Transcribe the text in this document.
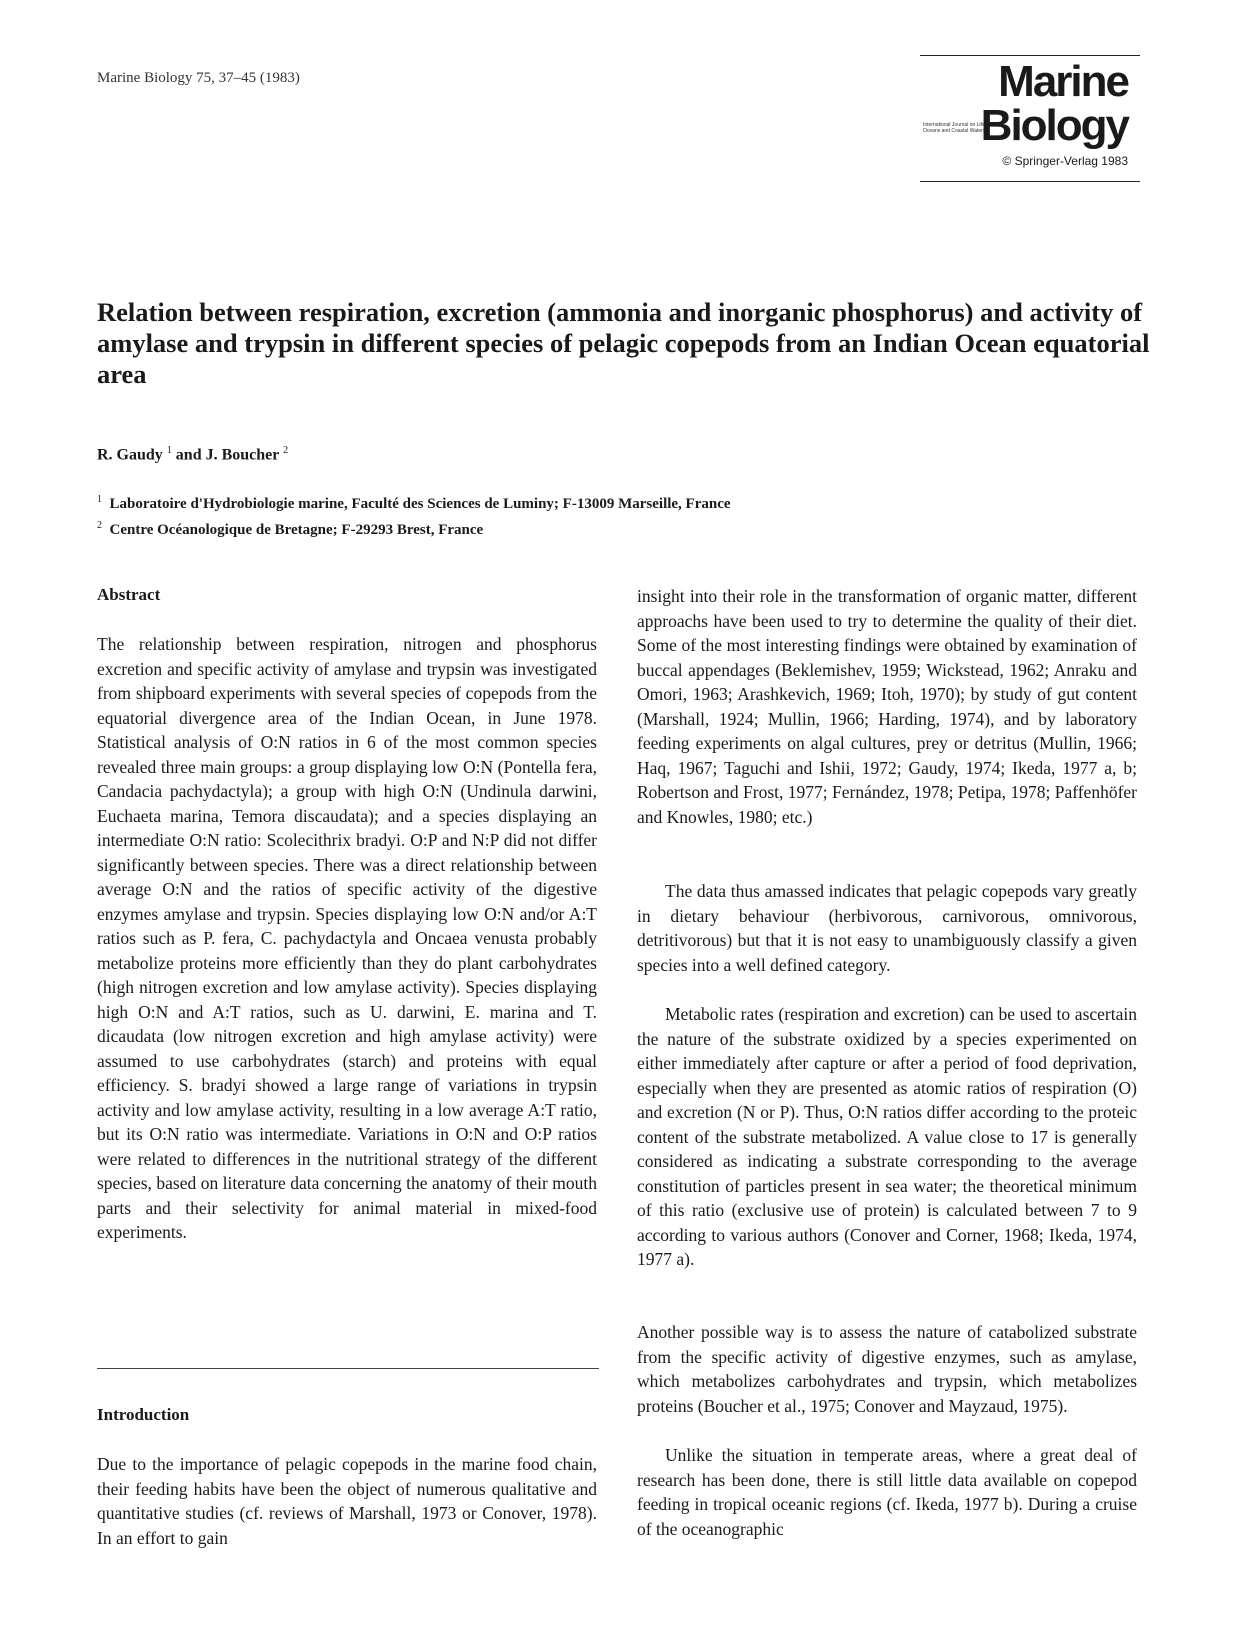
Marine Biology 75, 37–45 (1983)	Marine
International Journal on Life in Oceans and Coastal Waters
Biology
© Springer-Verlag 1983
Relation between respiration, excretion (ammonia and inorganic phosphorus) and activity of amylase and trypsin in different species of pelagic copepods from an Indian Ocean equatorial area
R. Gaudy $^1$ and J. Boucher $^2$
$^1$ Laboratoire d'Hydrobiologie marine, Faculté des Sciences de Luminy; F-13009 Marseille, France
$^2$ Centre Océanologique de Bretagne; F-29293 Brest, France
Abstract

The relationship between respiration, nitrogen and phosphorus excretion and specific activity of amylase and trypsin was investigated from shipboard experiments with several species of copepods from the equatorial divergence area of the Indian Ocean, in June 1978. Statistical analysis of O:N ratios in 6 of the most common species revealed three main groups: a group displaying low O:N (Pontella fera, Candacia pachydactyla); a group with high O:N (Undinula darwini, Euchaeta marina, Temora discaudata); and a species displaying an intermediate O:N ratio: Scolecithrix bradyi. O:P and N:P did not differ significantly between species. There was a direct relationship between average O:N and the ratios of specific activity of the digestive enzymes amylase and trypsin. Species displaying low O:N and/or A:T ratios such as P. fera, C. pachydactyla and Oncaea venusta probably metabolize proteins more efficiently than they do plant carbohydrates (high nitrogen excretion and low amylase activity). Species displaying high O:N and A:T ratios, such as U. darwini, E. marina and T. dicaudata (low nitrogen excretion and high amylase activity) were assumed to use carbohydrates (starch) and proteins with equal efficiency. S. bradyi showed a large range of variations in trypsin activity and low amylase activity, resulting in a low average A:T ratio, but its O:N ratio was intermediate. Variations in O:N and O:P ratios were related to differences in the nutritional strategy of the different species, based on literature data concerning the anatomy of their mouth parts and their selectivity for animal material in mixed-food experiments.

Introduction

Due to the importance of pelagic copepods in the marine food chain, their feeding habits have been the object of numerous qualitative and quantitative studies (cf. reviews of Marshall, 1973 or Conover, 1978). In an effort to gain

insight into their role in the transformation of organic matter, different approachs have been used to try to determine the quality of their diet. Some of the most interesting findings were obtained by examination of buccal appendages (Beklemishev, 1959; Wickstead, 1962; Anraku and Omori, 1963; Arashkevich, 1969; Itoh, 1970); by study of gut content (Marshall, 1924; Mullin, 1966; Harding, 1974), and by laboratory feeding experiments on algal cultures, prey or detritus (Mullin, 1966; Haq, 1967; Taguchi and Ishii, 1972; Gaudy, 1974; Ikeda, 1977 a, b; Robertson and Frost, 1977; Fernández, 1978; Petipa, 1978; Paffenhöfer and Knowles, 1980; etc.)

The data thus amassed indicates that pelagic copepods vary greatly in dietary behaviour (herbivorous, carnivorous, omnivorous, detritivorous) but that it is not easy to unambiguously classify a given species into a well defined category.

Metabolic rates (respiration and excretion) can be used to ascertain the nature of the substrate oxidized by a species experimented on either immediately after capture or after a period of food deprivation, especially when they are presented as atomic ratios of respiration (O) and excretion (N or P). Thus, O:N ratios differ according to the proteic content of the substrate metabolized. A value close to 17 is generally considered as indicating a substrate corresponding to the average constitution of particles present in sea water; the theoretical minimum of this ratio (exclusive use of protein) is calculated between 7 to 9 according to various authors (Conover and Corner, 1968; Ikeda, 1974, 1977 a).

Another possible way is to assess the nature of catabolized substrate from the specific activity of digestive enzymes, such as amylase, which metabolizes carbohydrates and trypsin, which metabolizes proteins (Boucher et al., 1975; Conover and Mayzaud, 1975).

Unlike the situation in temperate areas, where a great deal of research has been done, there is still little data available on copepod feeding in tropical oceanic regions (cf. Ikeda, 1977 b). During a cruise of the oceanographic
